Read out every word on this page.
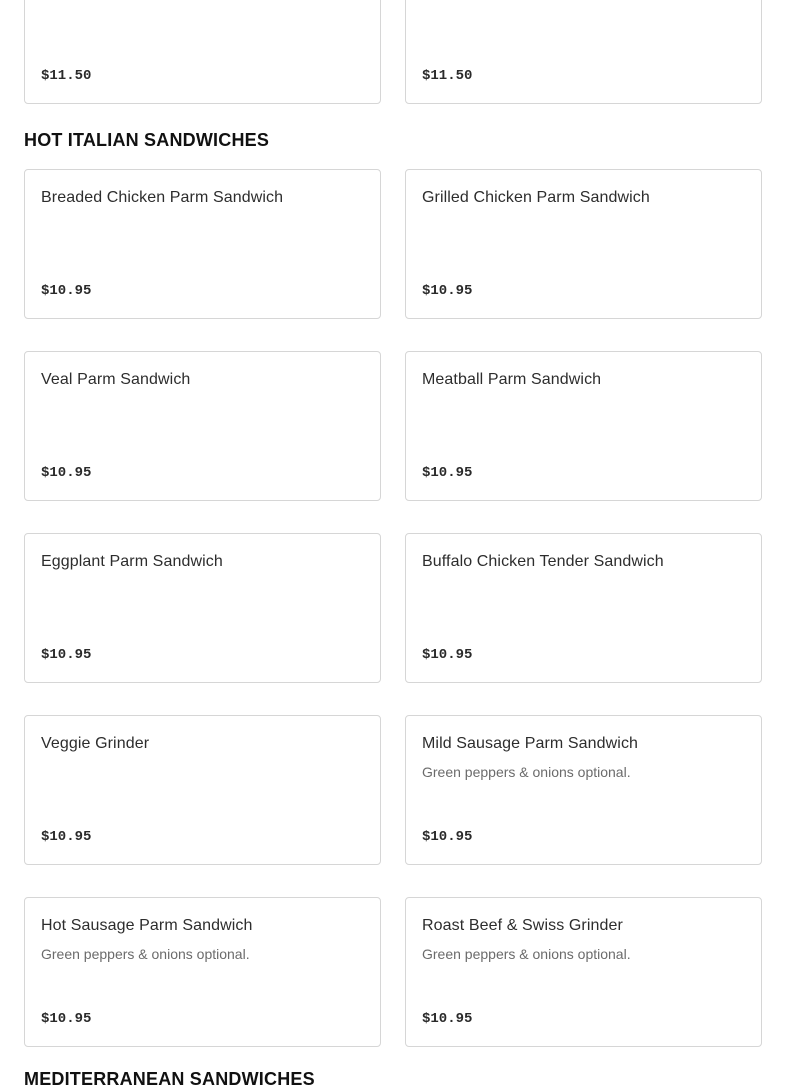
$11.50	$11.50
HOT ITALIAN SANDWICHES
Breaded Chicken Parm Sandwich
$10.95
Grilled Chicken Parm Sandwich
$10.95
Veal Parm Sandwich
$10.95
Meatball Parm Sandwich
$10.95
Eggplant Parm Sandwich
$10.95
Buffalo Chicken Tender Sandwich
$10.95
Veggie Grinder
$10.95
Mild Sausage Parm Sandwich
Green peppers & onions optional.
$10.95
Hot Sausage Parm Sandwich
Green peppers & onions optional.
$10.95
Roast Beef & Swiss Grinder
Green peppers & onions optional.
$10.95
MEDITERRANEAN SANDWICHES
